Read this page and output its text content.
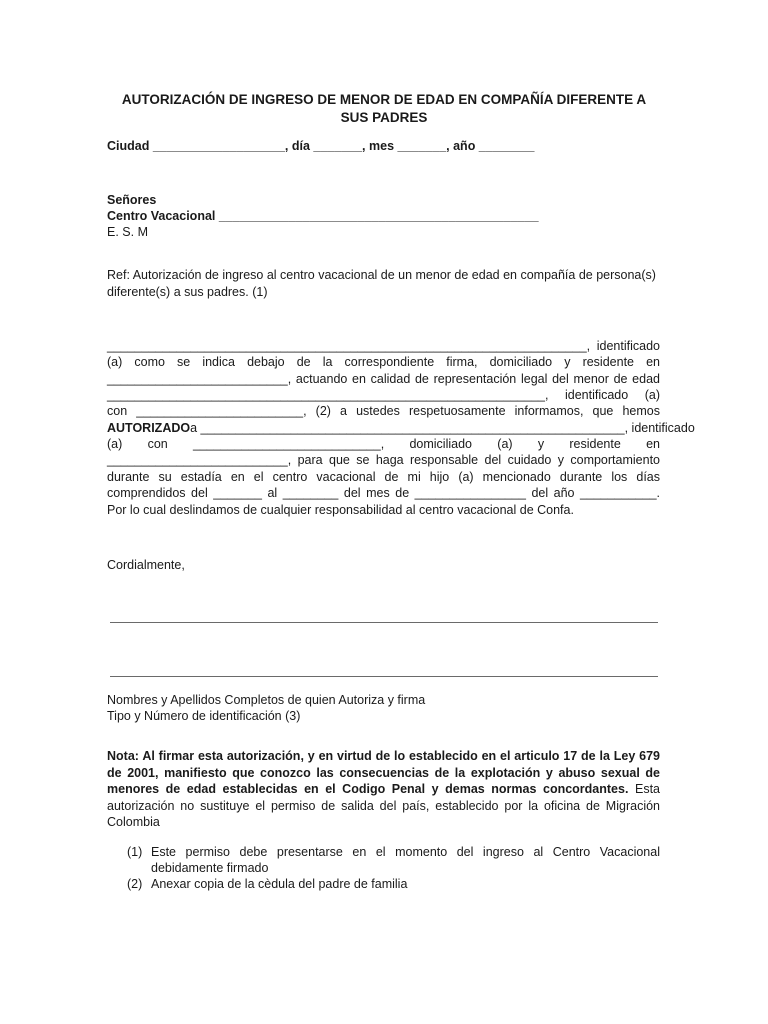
AUTORIZACIÓN DE INGRESO DE MENOR DE EDAD EN COMPAÑÍA DIFERENTE A
SUS PADRES
Ciudad ___________________, día _______, mes _______, año ________
Señores
Centro Vacacional ______________________________________________
E. S. M
Ref: Autorización de ingreso al centro vacacional de un menor de edad en compañía de persona(s)
diferente(s) a sus padres. (1)
_____________________________________________________________________, identificado
(a) como se indica debajo de la correspondiente firma, domiciliado y residente en
__________________________, actuando en calidad de representación legal del menor de edad
_______________________________________________________________, identificado (a)
con ________________________, (2) a ustedes respetuosamente informamos, que hemos
AUTORIZADO a _____________________________________________________________, identificado
(a) con ___________________________, domiciliado (a) y residente en
__________________________, para que se haga responsable del cuidado y comportamiento
durante su estadía en el centro vacacional de mi hijo (a) mencionado durante los días
comprendidos del _______ al ________ del mes de ________________ del año ___________.
Por lo cual deslindamos de cualquier responsabilidad al centro vacacional de Confa.
Cordialmente,
Nombres y Apellidos Completos de quien Autoriza y firma
Tipo y Número de identificación (3)
Nota: Al firmar esta autorización, y en virtud de lo establecido en el articulo 17 de la Ley 679 de 2001, manifiesto que conozco las consecuencias de la explotación y abuso sexual de menores de edad establecidas en el Codigo Penal y demas normas concordantes. Esta autorización no sustituye el permiso de salida del país, establecido por la oficina de Migración Colombia
(1) Este permiso debe presentarse en el momento del ingreso al Centro Vacacional debidamente firmado
(2) Anexar copia de la cèdula del padre de familia
